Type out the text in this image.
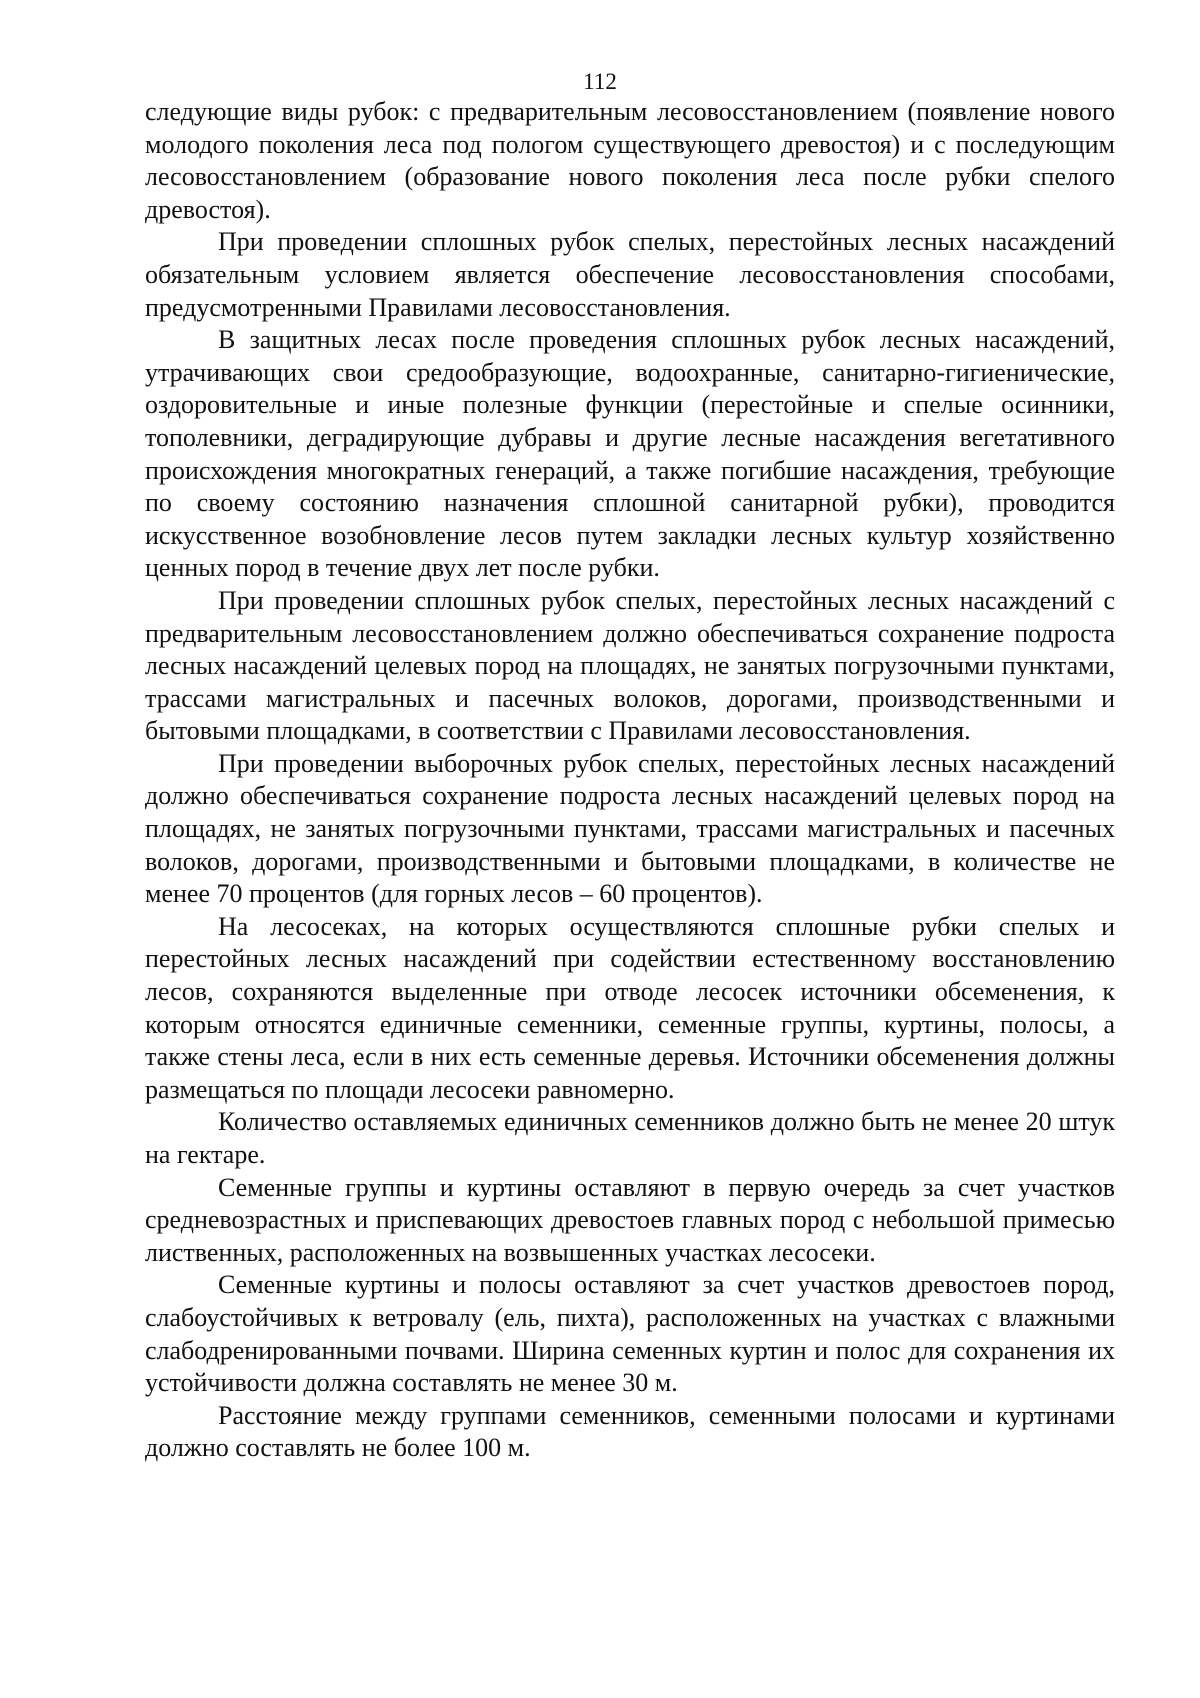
112

следующие виды рубок: с предварительным лесовосстановлением (появление нового молодого поколения леса под пологом существующего древостоя) и с последующим лесовосстановлением (образование нового поколения леса после рубки спелого древостоя).

При проведении сплошных рубок спелых, перестойных лесных насаждений обязательным условием является обеспечение лесовосстановления способами, предусмотренными Правилами лесовосстановления.

В защитных лесах после проведения сплошных рубок лесных насаждений, утрачивающих свои средообразующие, водоохранные, санитарно-гигиенические, оздоровительные и иные полезные функции (перестойные и спелые осинники, тополевники, деградирующие дубравы и другие лесные насаждения вегетативного происхождения многократных генераций, а также погибшие насаждения, требующие по своему состоянию назначения сплошной санитарной рубки), проводится искусственное возобновление лесов путем закладки лесных культур хозяйственно ценных пород в течение двух лет после рубки.

При проведении сплошных рубок спелых, перестойных лесных насаждений с предварительным лесовосстановлением должно обеспечиваться сохранение подроста лесных насаждений целевых пород на площадях, не занятых погрузочными пунктами, трассами магистральных и пасечных волоков, дорогами, производственными и бытовыми площадками, в соответствии с Правилами лесовосстановления.

При проведении выборочных рубок спелых, перестойных лесных насаждений должно обеспечиваться сохранение подроста лесных насаждений целевых пород на площадях, не занятых погрузочными пунктами, трассами магистральных и пасечных волоков, дорогами, производственными и бытовыми площадками, в количестве не менее 70 процентов (для горных лесов – 60 процентов).

На лесосеках, на которых осуществляются сплошные рубки спелых и перестойных лесных насаждений при содействии естественному восстановлению лесов, сохраняются выделенные при отводе лесосек источники обсеменения, к которым относятся единичные семенники, семенные группы, куртины, полосы, а также стены леса, если в них есть семенные деревья. Источники обсеменения должны размещаться по площади лесосеки равномерно.

Количество оставляемых единичных семенников должно быть не менее 20 штук на гектаре.

Семенные группы и куртины оставляют в первую очередь за счет участков средневозрастных и приспевающих древостоев главных пород с небольшой примесью лиственных, расположенных на возвышенных участках лесосеки.

Семенные куртины и полосы оставляют за счет участков древостоев пород, слабоустойчивых к ветровалу (ель, пихта), расположенных на участках с влажными слабодренированными почвами. Ширина семенных куртин и полос для сохранения их устойчивости должна составлять не менее 30 м.

Расстояние между группами семенников, семенными полосами и куртинами должно составлять не более 100 м.
